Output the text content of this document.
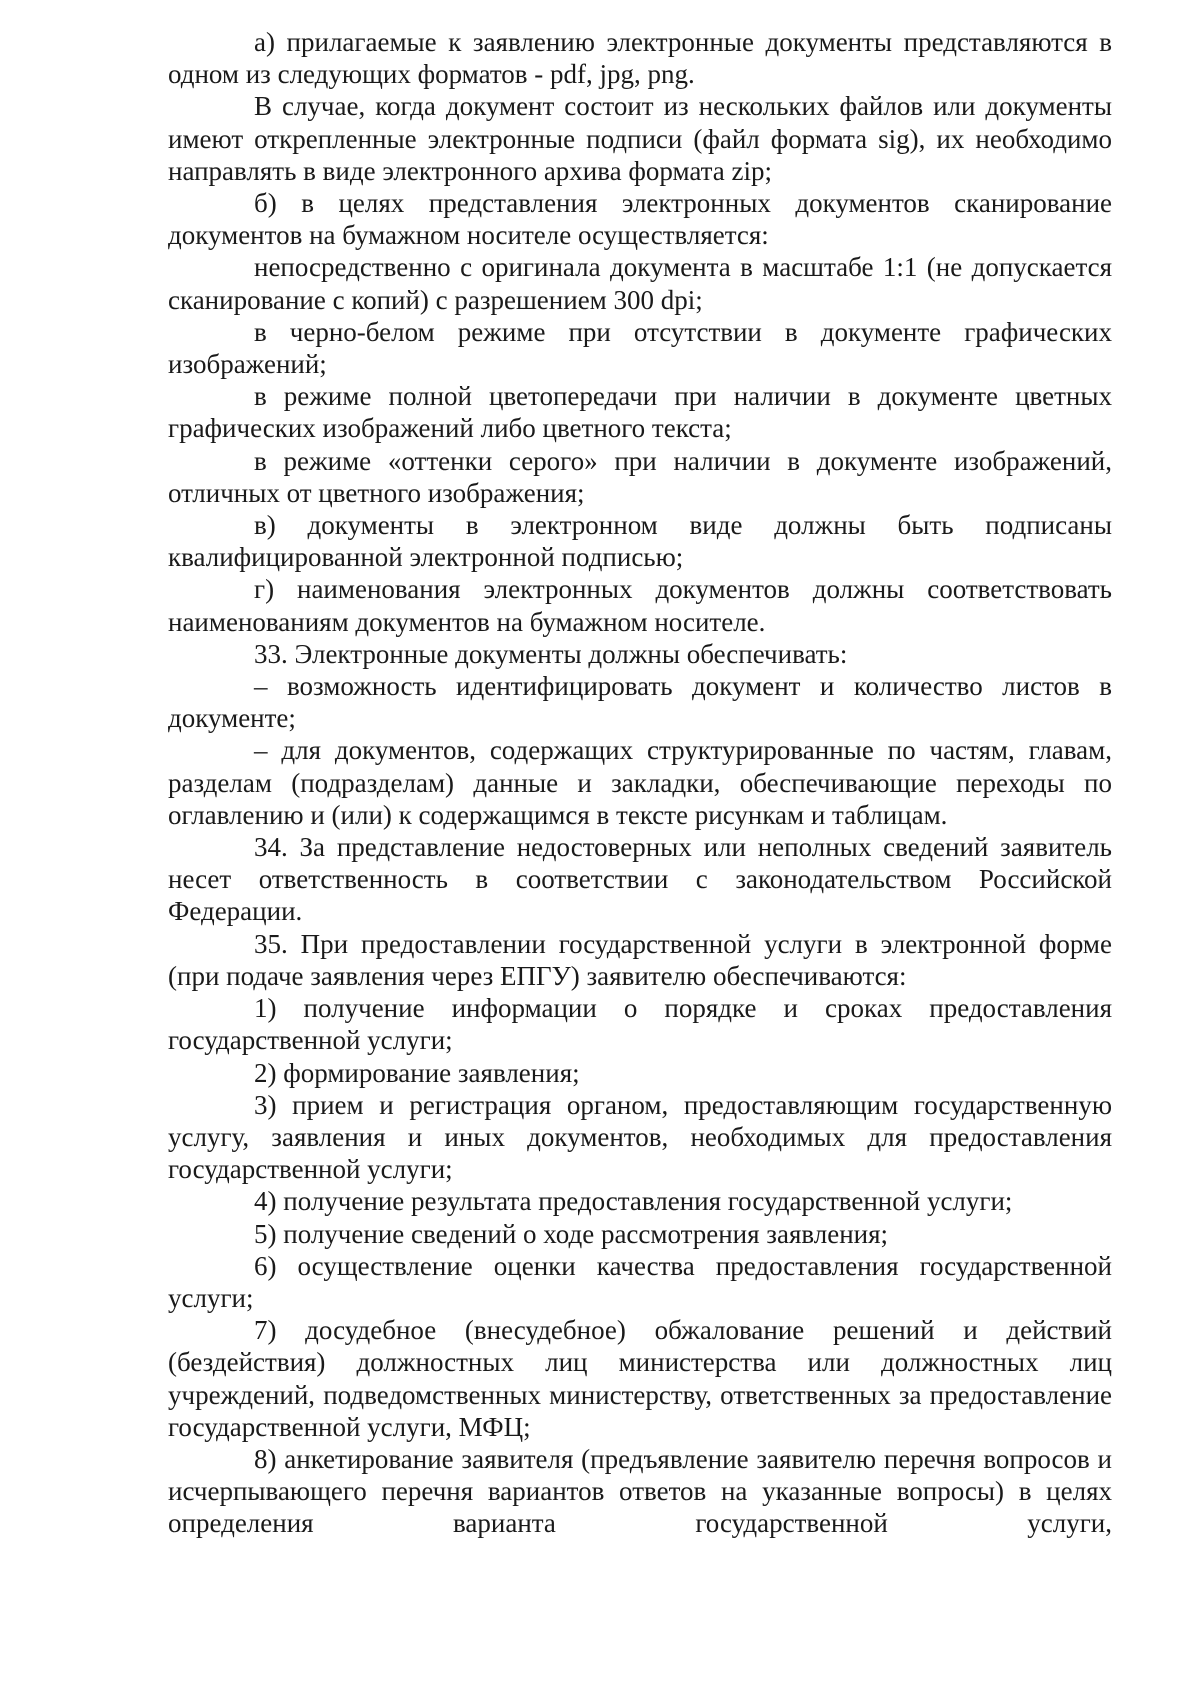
а) прилагаемые к заявлению электронные документы представляются в одном из следующих форматов - pdf, jpg, png.

В случае, когда документ состоит из нескольких файлов или документы имеют открепленные электронные подписи (файл формата sig), их необходимо направлять в виде электронного архива формата zip;

б) в целях представления электронных документов сканирование документов на бумажном носителе осуществляется:

непосредственно с оригинала документа в масштабе 1:1 (не допускается сканирование с копий) с разрешением 300 dpi;

в черно-белом режиме при отсутствии в документе графических изображений;

в режиме полной цветопередачи при наличии в документе цветных графических изображений либо цветного текста;

в режиме «оттенки серого» при наличии в документе изображений, отличных от цветного изображения;

в) документы в электронном виде должны быть подписаны квалифицированной электронной подписью;

г) наименования электронных документов должны соответствовать наименованиям документов на бумажном носителе.

33. Электронные документы должны обеспечивать:

– возможность идентифицировать документ и количество листов в документе;

– для документов, содержащих структурированные по частям, главам, разделам (подразделам) данные и закладки, обеспечивающие переходы по оглавлению и (или) к содержащимся в тексте рисункам и таблицам.

34. За представление недостоверных или неполных сведений заявитель несет ответственность в соответствии с законодательством Российской Федерации.

35. При предоставлении государственной услуги в электронной форме (при подаче заявления через ЕПГУ) заявителю обеспечиваются:

1) получение информации о порядке и сроках предоставления государственной услуги;

2) формирование заявления;

3) прием и регистрация органом, предоставляющим государственную услугу, заявления и иных документов, необходимых для предоставления государственной услуги;

4) получение результата предоставления государственной услуги;

5) получение сведений о ходе рассмотрения заявления;

6) осуществление оценки качества предоставления государственной услуги;

7) досудебное (внесудебное) обжалование решений и действий (бездействия) должностных лиц министерства или должностных лиц учреждений, подведомственных министерству, ответственных за предоставление государственной услуги, МФЦ;

8) анкетирование заявителя (предъявление заявителю перечня вопросов и исчерпывающего перечня вариантов ответов на указанные вопросы) в целях определения варианта государственной услуги,
